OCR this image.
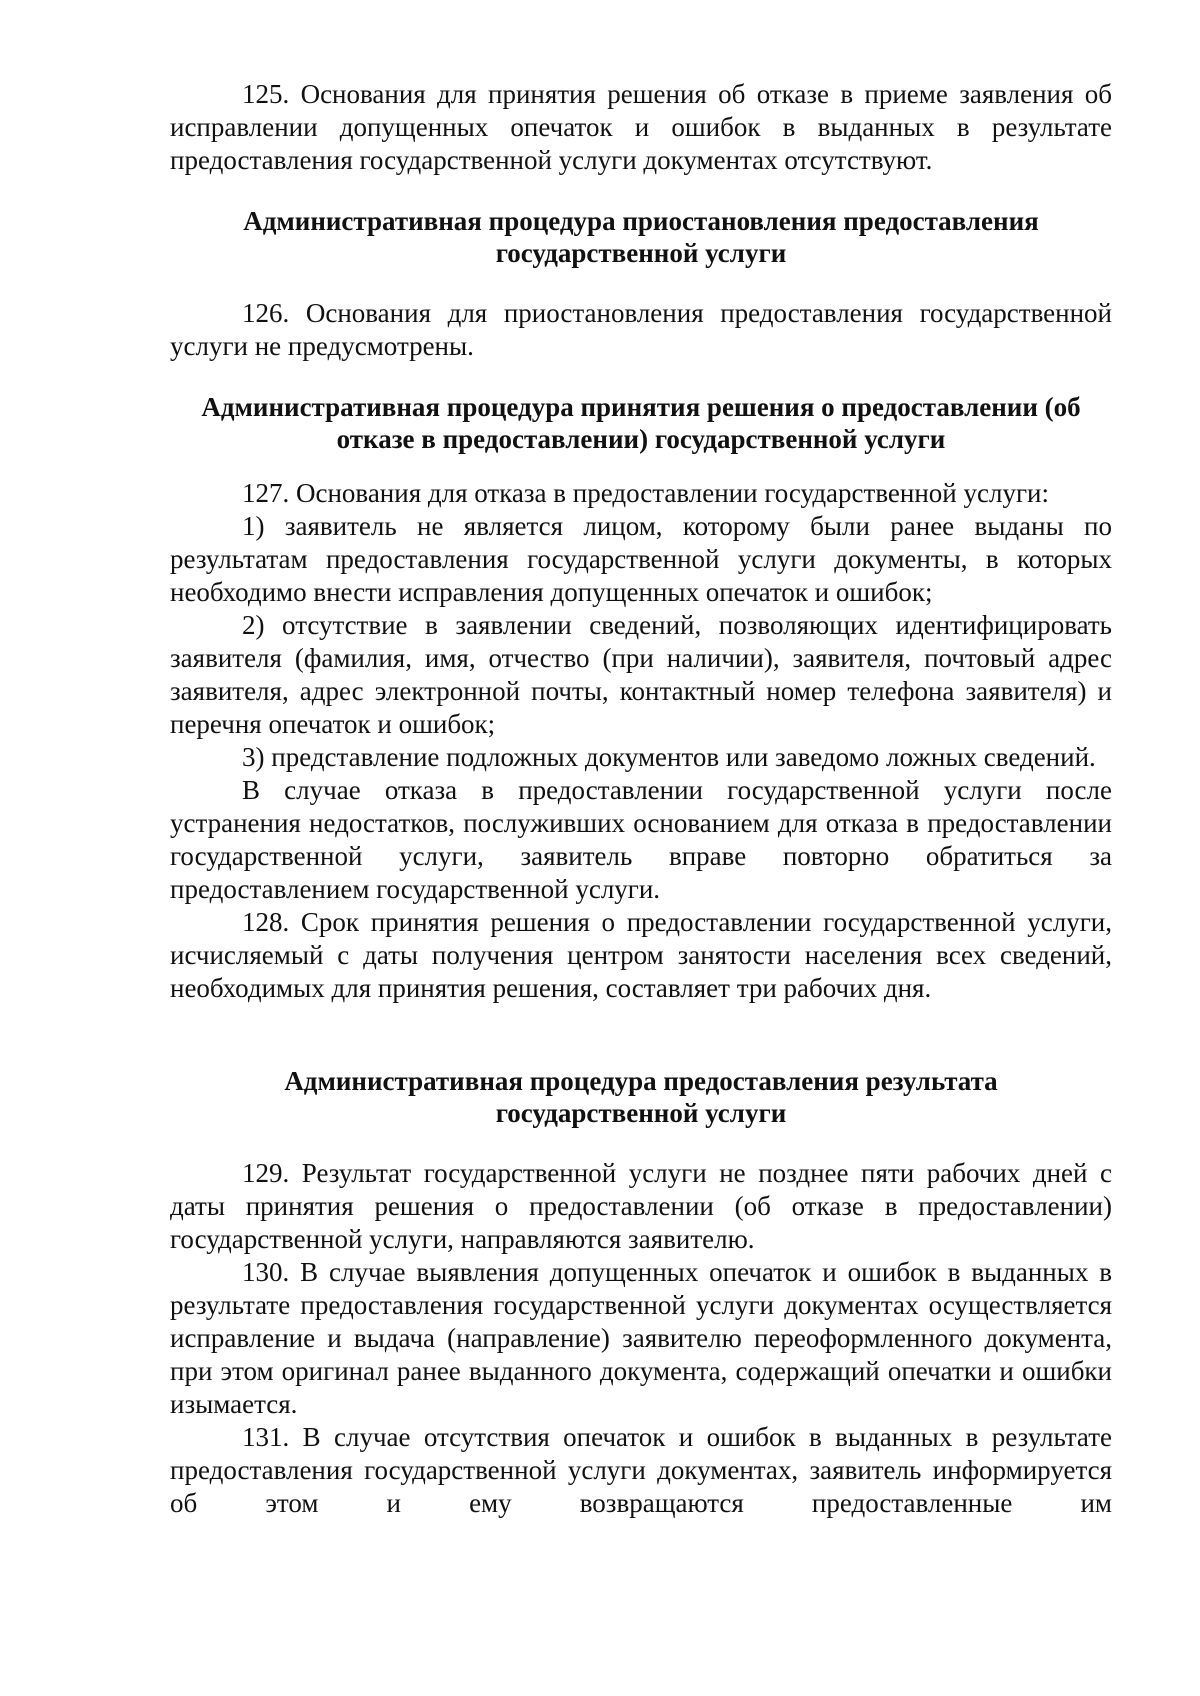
125. Основания для принятия решения об отказе в приеме заявления об исправлении допущенных опечаток и ошибок в выданных в результате предоставления государственной услуги документах отсутствуют.

Административная процедура приостановления предоставления
государственной услуги

126. Основания для приостановления предоставления государственной услуги не предусмотрены.

Административная процедура принятия решения о предоставлении (об
отказе в предоставлении) государственной услуги

127. Основания для отказа в предоставлении государственной услуги:

1) заявитель не является лицом, которому были ранее выданы по результатам предоставления государственной услуги документы, в которых необходимо внести исправления допущенных опечаток и ошибок;

2) отсутствие в заявлении сведений, позволяющих идентифицировать заявителя (фамилия, имя, отчество (при наличии), заявителя, почтовый адрес заявителя, адрес электронной почты, контактный номер телефона заявителя) и перечня опечаток и ошибок;

3) представление подложных документов или заведомо ложных сведений.

В случае отказа в предоставлении государственной услуги после устранения недостатков, послуживших основанием для отказа в предоставлении государственной услуги, заявитель вправе повторно обратиться за предоставлением государственной услуги.

128. Срок принятия решения о предоставлении государственной услуги, исчисляемый с даты получения центром занятости населения всех сведений, необходимых для принятия решения, составляет три рабочих дня.

Административная процедура предоставления результата
государственной услуги

129. Результат государственной услуги не позднее пяти рабочих дней с даты принятия решения о предоставлении (об отказе в предоставлении) государственной услуги, направляются заявителю.

130. В случае выявления допущенных опечаток и ошибок в выданных в результате предоставления государственной услуги документах осуществляется исправление и выдача (направление) заявителю переоформленного документа, при этом оригинал ранее выданного документа, содержащий опечатки и ошибки изымается.

131. В случае отсутствия опечаток и ошибок в выданных в результате предоставления государственной услуги документах, заявитель информируется об этом и ему возвращаются предоставленные им
